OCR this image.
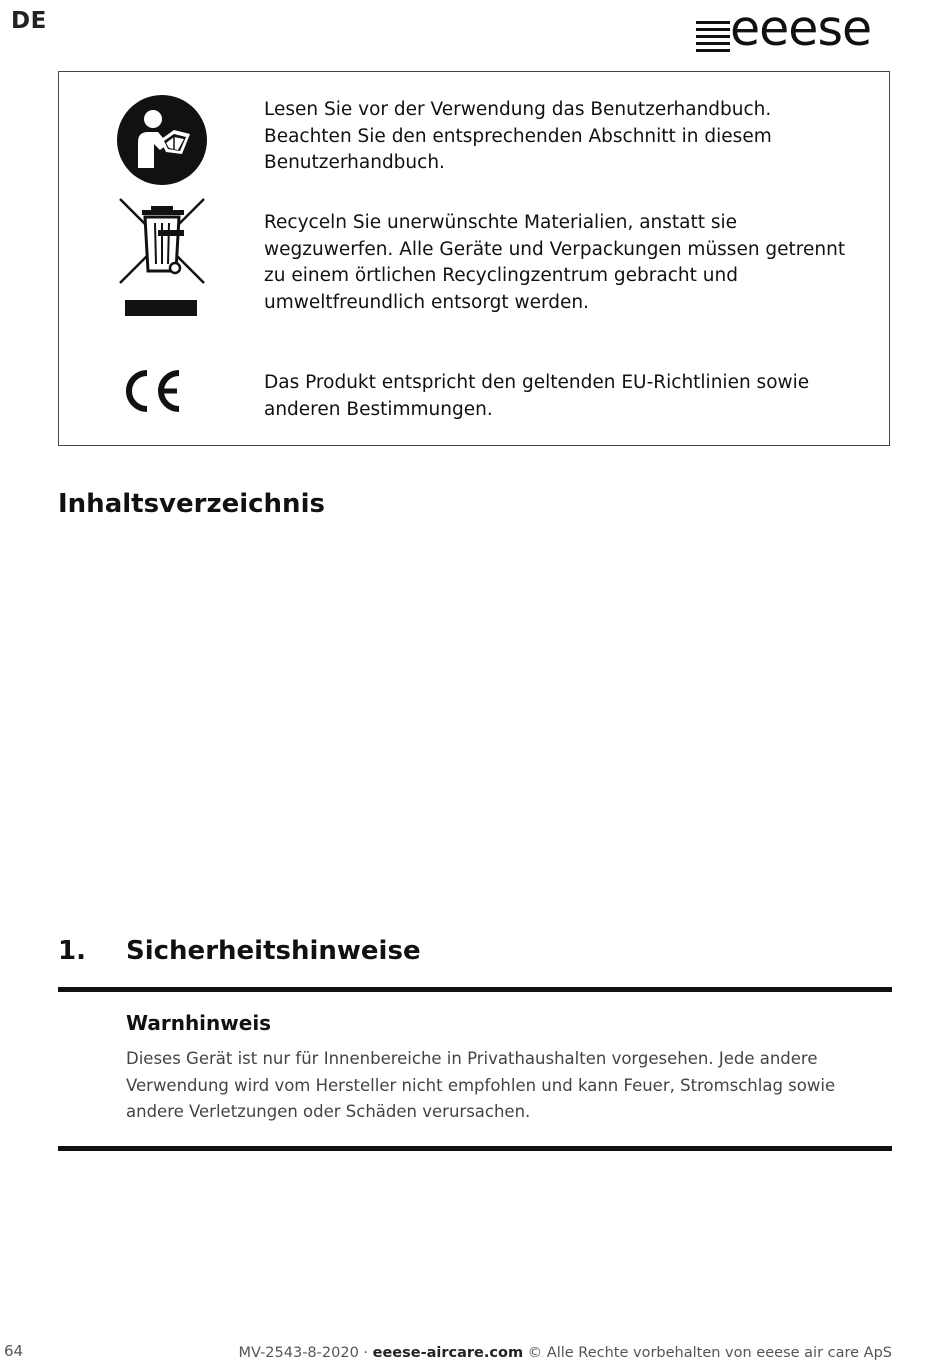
DE	eeese
Lesen Sie vor der Verwendung das Benutzerhandbuch. Beachten Sie den entsprechenden Abschnitt in diesem Benutzerhandbuch.
Recyceln Sie unerwünschte Materialien, anstatt sie wegzuwerfen. Alle Geräte und Verpackungen müssen getrennt zu einem örtlichen Recyclingzentrum gebracht und umweltfreundlich entsorgt werden.
Das Produkt entspricht den geltenden EU-Richtlinien sowie anderen Bestimmungen.
Inhaltsverzeichnis
1. Sicherheitshinweise
Warnhinweis
Dieses Gerät ist nur für Innenbereiche in Privathaushalten vorgesehen. Jede andere Verwendung wird vom Hersteller nicht empfohlen und kann Feuer, Stromschlag sowie andere Verletzungen oder Schäden verursachen.
64	MV-2543-8-2020 · eeese-aircare.com © Alle Rechte vorbehalten von eeese air care ApS
